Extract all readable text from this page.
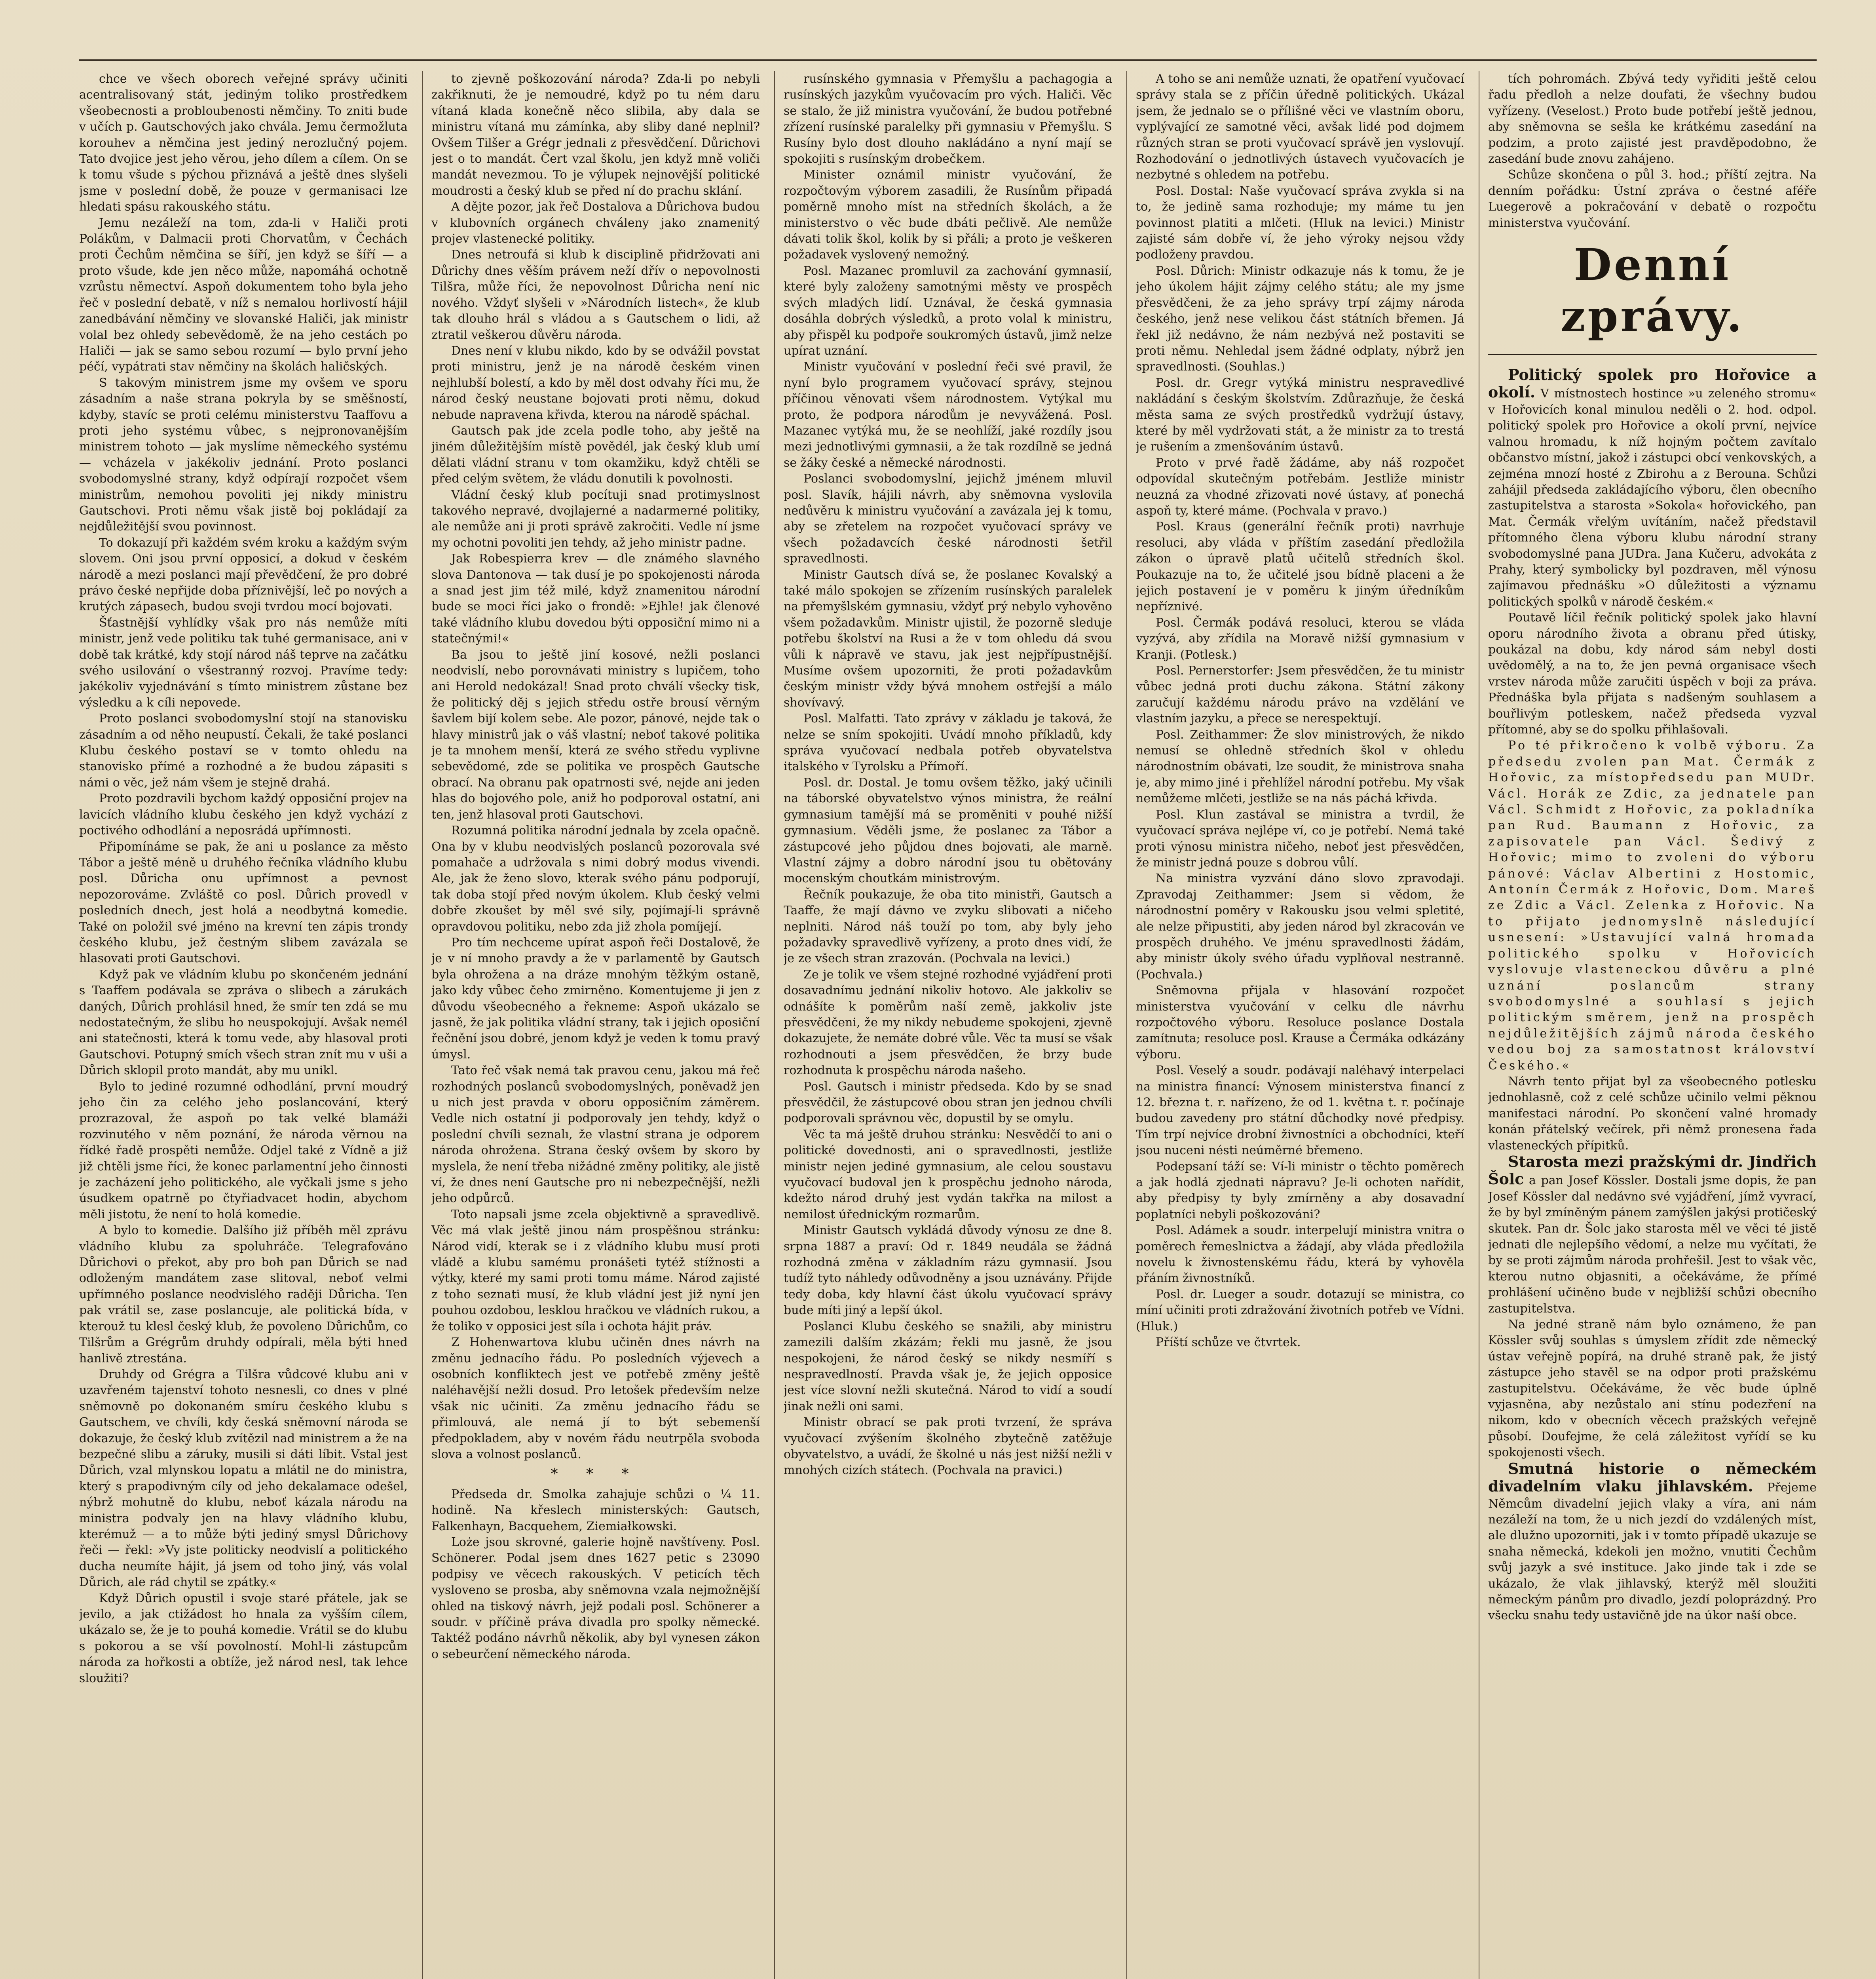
chce ve všech oborech veřejné správy učiniti acentralisovaný stát, jediným tolikо prostředkem všeobecnosti a probloubenosti němčiny. To zniti bude v učích p. Gautschových jako chvála. Jemu čermožluta korouhev a němčina jest jediný nerozlučný pojem. Tato dvojice jest jeho věrou, jeho dílem a cílem. On se k tomu všude s pýchou přiznává a ještě dnes slyšeli jsme v poslední době, že pouze v germanisaci lze hledati spásu rakouského státu.

Jemu nezáleží na tom, zda-li v Haliči proti Polákům, v Dalmacii proti Chorvatům, v Čechách proti Čechům němčina se šíří, jen když se šíří — a proto všude, kde jen něco může, napomáhá ochotně vzrůstu němectví. Aspoň dokumentem toho byla jeho řeč v poslední debatě, v níž s nemalou horlivostí hájil zanedbávání němčiny ve slovanské Haliči, jak ministr volal bez ohledy sebevědomě, že na jeho cestách po Haliči — jak se samo sebou rozumí — bylo první jeho péčí, vypátrati stav němčiny na školách haličských.

S takovým ministrem jsme my ovšem ve sporu zásadním a naše strana pokryla by se směšností, kdyby, stavíc se proti celému ministerstvu Taaffovu a proti jeho systému vůbec, s nejpronovanějším ministrem tohoto — jak myslíme německého systému — vcházela v jakékoliv jednání. Proto poslanci svobodomyslné strany, když odpírají rozpočet všem ministrům, nemohou povoliti jej nikdy ministru Gautschovi. Proti němu však jistě boj pokládají za nejdůležitější svou povinnost.

To dokazují při každém svém kroku a každým svým slovem. Oni jsou první opposicí, a dokud v českém národě a mezi poslanci mají převědčení, že pro dobré právo české nepřijde doba příznivější, leč po nových a krutých zápasech, budou svoji tvrdou mocí bojovati.

Šťastnější vyhlídky však pro nás nemůže míti ministr, jenž vede politiku tak tuhé germanisace, ani v době tak krátké, kdy stojí národ náš teprve na začátku svého usilování o všestranný rozvoj. Pravíme tedy: jakékoliv vyjednávání s tímto ministrem zůstane bez výsledku a k cíli nepovede.

Proto poslanci svobodomyslní stojí na stanovisku zásadním a od něho neupustí. Čekali, že také poslanci Klubu českého postaví se v tomto ohledu na stanovisko přímé a rozhodné a že budou zápasiti s námi o věc, jež nám všem je stejně drahá.

Proto pozdravili bychom každý opposiční projev na lavicích vládního klubu českého jen když vychází z poctivého odhodlání a neposrádá upřímnosti.

Připomínáme se pak, že ani u poslance za město Tábor a ještě méně u druhého řečníka vládního klubu posl. Důricha onu upřímnost a pevnost nepozorováme. Zvláště co posl. Důrich provedl v posledních dnech, jest holá a neodbytná komedie. Také on položil své jméno na krevní ten zápis trondy českého klubu, jež čestným slibem zavázala se hlasovati proti Gautschovi.

Když pak ve vládním klubu po skončeném jednání s Taaffem podávala se zpráva o slibech a zárukách daných, Důrich prohlásil hned, že smír ten zdá se mu nedostatečným, že slibu ho neuspokojují. Avšak nemél ani statečnosti, která k tomu vede, aby hlasoval proti Gautschovi. Potupný smích všech stran znít mu v uši a Důrich sklopil proto mandát, aby mu unikl.

Bylo to jediné rozumné odhodlání, první moudrý jeho čin za celého jeho poslancování, který prozrazoval, že aspoň po tak velké blamáži rozvinutého v něm poznání, že národa věrnou na řídké řadě prospěti nemůže. Odjel také z Vídně a již již chtěli jsme říci, že konec parlamentní jeho činnosti je zacházení jeho politického, ale vyčkali jsme s jeho úsudkem opatrně po čtyřiadvacet hodin, abychom měli jistotu, že není to holá komedie.

A bylo to komedie. Dalšího již příběh měl zprávu vládního klubu za spoluhráče. Telegrafováno Důrichovi o překot, aby pro boh pan Důrich se nad odloženým mandátem zase slitoval, neboť velmi upřímného poslance neodvisléhо raději Důrichа. Ten pak vrátil se, zase poslancuje, ale politická bída, v kterouž tu klesl český klub, že povoleno Důrichům, co Tilšrům a Grégrům druhdy odpírali, měla býti hned hanlivě ztrestána.

Druhdy od Grégra a Tilšra vůdcové klubu ani v uzavřeném tajenství tohoto nesnesli, co dnes v plné sněmovně po dokonaném smíru českého klubu s Gautschem, ve chvíli, kdy česká sněmovní národa se dokazuje, že český klub zvítězil nad ministrem a že na bezpečné slibu a záruky, musili si dáti líbit. Vstal jest Důrich, vzal mlynskou lopatu a mlátil ne do ministra, který s prapodivným cíly od jeho dekalamace odešel, nýbrž mohutně do klubu, neboť kázala národu na ministra podvaly jen na hlavy vládního klubu, kterémuž — a to může býti jediný smysl Důrichovy řeči — řekl: »Vy jste politicky neodvislí a politického ducha neumíte hájit, já jsem od toho jiný, vás volal Důrich, ale rád chytil se zpátky.«

Když Důrich opustil i svoje staré přátele, jak se jevilo, a jak ctižádost ho hnala za vyšším cílem, ukázalo se, že je to pouhá komedie. Vrátil se do klubu s pokorou a se vší povolností. Mohl-li zástupcům národa za hořkosti a obtíže, jež národ nesl, tak lehce sloužiti?

to zjevně poškozování národa? Zda-li po nebyli zakřiknuti, že je nemoudré, když po tu ném daru vítaná klada konečně něco slibila, aby dala se ministru vítaná mu zámínka, aby sliby dané neplnil? Ovšem Tilšer a Grégr jednali z přesvědčení. Důrichovi jest o to mandát. Čert vzal školu, jen když mně voliči mandát nevezmou. To je výlupek nejnovější politické moudrosti a český klub se před ní do prachu sklání.

A dějte pozor, jak řeč Dostalova a Důrichova budou v klubovních orgánech chváleny jako znamenitý projev vlastenecké politiky.

Dnes netroufá si klub k disciplině přidržovati ani Důrichy dnes věším právem neží dřív o nepovolnosti Tilšra, může říci, že nepovolnost Důricha není nic nového. Vždyť slyšeli v »Národních listech«, že klub tak dlouho hrál s vládou a s Gautschem o lidi, až ztratil veškerou důvěru národa.

Dnes není v klubu nikdo, kdo by se odvážil povstat proti ministru, jenž je na národě českém vinen nejhlubší bolestí, a kdo by měl dost odvahy říci mu, že národ český neustane bojovati proti němu, dokud nebude napravena křivda, kterou na národě spáchal.

Gautsch pak jde zcela podle toho, aby ještě na jiném důležitějším místě povědél, jak český klub umí dělati vládní stranu v tom okamžiku, když chtěli se před celým světem, že vládu donutili k povolnosti.

Vládní český klub pocítuji snad protimyslnost takového nepravé, dvojlajerné a nadarmerné politiky, ale nemůže ani ji proti správě zakročiti. Vedle ní jsme my ochotni povoliti jen tehdy, až jeho ministr padne.

Jak Robespierra krev — dle známého slavného slova Dantonova — tak dusí je po spokojenosti národa a snad jest jim též milé, když znamenitou národní bude se moci říci jako o frondě: »Ejhle! jak členové také vládního klubu dovedou býti opposiční mimo ni a statečnými!«

Ba jsou to ještě jiní kosové, nežli poslanci neodvislí, nebo porovnávati ministry s lupičem, toho ani Herold nedokázal! Snad proto chválí všecky tisk, že politický děj s jejich středu ostře brousí věrným šavlem bijí kolem sebe. Ale pozor, pánové, nejde tak o hlavy ministrů jak o váš vlastní; neboť takové politika je ta mnohem menší, která ze svého středu vyplivne sebevědomé, zde se politika ve prospěch Gautsche obrací. Na obranu pak opatrnosti své, nejde ani jeden hlas do bojového pole, aniž ho podporoval ostatní, ani ten, jenž hlasoval proti Gautschovi.

Rozumná politika národní jednala by zcela opačně. Ona by v klubu neodvislých poslanců pozorovala své pomahače a udržovala s nimi dobrý modus vivendi. Ale, jak že ženo slovo, kterak svého pánu podporují, tak doba stojí před novým úkolem. Klub český velmi dobře zkoušet by měl své sily, pojímají-li správně opravdovou politiku, nebo zda již zhola pomíjejí.

Pro tím nechceme upírat aspoň řeči Dostalově, že je v ní mnoho pravdy a že v parlamentě by Gautsch byla ohrožena a na dráze mnohým těžkým ostaně, jako kdy vůbec čeho zmirněno. Komentujeme ji jen z důvodu všeobecného a řekneme: Aspoň ukázalo se jasně, že jak politika vládní strany, tak i jejich oposiční řečnění jsou dobré, jenom když je veden k tomu pravý úmysl.

Tato řeč však nemá tak pravou cenu, jakou má řeč rozhodných poslanců svobodomyslných, poněvadž jen u nich jest pravda v oboru opposičním záměrem. Vedle nich ostatní ji podporovaly jen tehdy, když o poslední chvíli seznalı, že vlastní strana je odporem národa ohrožena. Strana český ovšem by skoro by myslela, že není třeba nižádné změny politiky, ale jistě ví, že dnes není Gautsche pro ni nebezpečnější, nežli jeho odpůrců.

Toto napsali jsme zcela objektivně a spravedlivě. Věc má vlak ještě jinou nám prospěšnou stránku: Národ vidí, kterak se i z vládního klubu musí proti vládě a klubu samému pronášeti tytéž stížnosti a výtky, které my sami proti tomu máme. Národ zajisté z toho seznati musí, že klub vládní jest již nyní jen pouhou ozdobou, lesklou hračkou ve vládních rukou, a že toliko v opposici jest síla i ochota hájit práv.

Z Hohenwartova klubu učiněn dnes návrh na změnu jednacího řádu. Po posledních výjevech a osobních konfliktech jest ve potřebě změny ještě naléhavější nežli dosud. Pro letošek především nelze však nic učiniti. Za změnu jednacího řádu se přimlouvá, ale nemá jí to být sebemenší předpokladem, aby v novém řádu neutrpěla svoboda slova a volnost poslanců.

* * *

Předseda dr. Smolka zahajuje schůzi o ¼ 11. hodině. Na křeslech ministerských: Gautsch, Falkenhayn, Bacquehem, Ziemiałkowski.

Loże jsou skrovné, galerie hojně navštíveny. Posl. Schönerer. Podal jsem dnes 1627 petic s 23090 podpisy ve věcech rakouských. V peticích těch vysloveno se prosba, aby sněmovna vzala nejmožnější ohled na tiskový návrh, jejž podali posl. Schönerer a soudr. v příčině práva divadla pro spolky německé. Taktéž podáno návrhů několik, aby byl vynesen zákon o sebeurčení německého národa.

rusínského gymnasia v Přemyšlu a pachagogia a rusínských jazykům vyučovacím pro vých. Haliči. Věc se stalo, že již ministra vyučování, že budou potřebné zřízení rusínské paralelky při gymnasiu v Přemyšlu. S Rusíny bylo dost dlouho nakládáno a nyní mají se spokojiti s rusínským drobečkem.

Minister oznámil ministr vyučování, že rozpočtovým výborem zasadili, že Rusínům připadá poměrně mnoho míst na středních školách, a že ministerstvo o věc bude dbáti pečlivě. Ale nemůže dávati tolik škol, kolik by si přáli; a proto je veškeren požadavek vyslovený nemožný.

Posl. Mazanec promluvil za zachování gymnasií, které byly založeny samotnými městy ve prospěch svých mladých lidí. Uznával, že česká gymnasia dosáhla dobrých výsledků, a proto volal k ministru, aby přispěl ku podpoře soukromých ústavů, jimž nelze upírat uznání.

Ministr vyučování v poslední řeči své pravil, že nyní bylo programem vyučovací správy, stejnou příčinou věnovati všem národnostem. Vytýkal mu proto, že podpora národům je nevyvážená. Posl. Mazanec vytýká mu, že se neohlíží, jaké rozdíly jsou mezi jednotlivými gymnasii, a že tak rozdílně se jedná se žáky české a německé národnosti.

Poslanci svobodomyslní, jejichž jménem mluvil posl. Slavík, hájili návrh, aby sněmovna vyslovila nedůvěru k ministru vyučování a zavázala jej k tomu, aby se zřetelem na rozpočet vyučovací správy ve všech požadavcích české národnosti šetřil spravedlnosti.

Ministr Gautsch dívá se, že poslanec Kovalský a také málo spokojen se zřízením rusínských paralelek na přemyšlském gymnasiu, vždyť prý nebylo vyhověno všem požadavkům. Ministr ujistil, že pozorně sleduje potřebu školství na Rusi a že v tom ohledu dá svou vůli k nápravě ve stavu, jak jest nejpřípustnější. Musíme ovšem upozorniti, že proti požadavkům českým ministr vždy bývá mnohem ostřejší a málo shovívavý.

Posl. Malfatti. Tato zprávy v základu je taková, že nelze se sním spokojiti. Uvádí mnoho příkladů, kdy správa vyučovací nedbala potřeb obyvatelstva italského v Tyrolsku a Přímoří.

Posl. dr. Dostal. Je tomu ovšem těžko, jaký učinili na táborské obyvatelstvo výnos ministra, že reální gymnasium tamější má se proměniti v pouhé nižší gymnasium. Věděli jsme, že poslanec za Tábor a zástupcové jeho půjdou dnes bojovati, ale marně. Vlastní zájmy a dobro národní jsou tu obětovány mocenským choutkám ministrovým.

Řečník poukazuje, že oba tito ministři, Gautsch a Taaffe, že mají dávno ve zvyku slibovati a ničeho neplniti. Národ náš touží po tom, aby byly jeho požadavky spravedlivě vyřízeny, a proto dnes vidí, že je ze všech stran zrazován. (Pochvala na levici.)

Ze je tolik ve všem stejné rozhodné vyjádření proti dosavadnímu jednání nikoliv hotovo. Ale jakkoliv se odnášíte k poměrům naší země, jakkoliv jste přesvědčeni, že my nikdy nebudeme spokojeni, zjevně dokazujete, že nemáte dobré vůle. Věc ta musí se však rozhodnouti a jsem přesvědčen, že brzy bude rozhodnuta k prospěchu národa našeho.

Posl. Gautsch i ministr předseda. Kdo by se snad přesvědčil, že zástupcové obou stran jen jednou chvíli podporovali správnou věc, dopustil by se omylu.

Věc ta má ještě druhou stránku: Nesvědčí to ani o politické dovednosti, ani o spravedlnosti, jestliže ministr nejen jediné gymnasium, ale celou soustavu vyučovací budoval jen k prospěchu jednoho národa, kdežto národ druhý jest vydán takřka na milost a nemilost úřednickým rozmarům.

Ministr Gautsch vykládá důvody výnosu ze dne 8. srpna 1887 a praví: Od r. 1849 neudála se žádná rozhodná změna v základním rázu gymnasií. Jsou tudíž tyto náhledy odůvodněny a jsou uznávány. Přijde tedy doba, kdy hlavní část úkolu vyučovací správy bude míti jiný a lepší úkol.

Poslanci Klubu českého se snažili, aby ministru zamezili dalším zkázám; řekli mu jasně, že jsou nespokojeni, že národ český se nikdy nesmíří s nespravedlností. Pravda však je, že jejich opposice jest více slovní nežli skutečná. Národ to vidí a soudí jinak nežli oni sami.

Ministr obrací se pak proti tvrzení, že správa vyučovací zvýšením školného zbytečně zatěžuje obyvatelstvo, a uvádí, že školné u nás jest nižší nežli v mnohých cizích státech. (Pochvala na pravici.)

A toho se ani nemůže uznati, že opatření vyučovací správy stala se z příčin úředně politických. Ukázal jsem, že jednalo se o přílišné věci ve vlastním oboru, vyplývající ze samotné věci, avšak lidé pod dojmem různých stran se proti vyučovací správě jen vyslovují. Rozhodování o jednotlivých ústavech vyučovacích je nezbytné s ohledem na potřebu.

Posl. Dostal: Naše vyučovací správa zvykla si na to, že jedině sama rozhoduje; my máme tu jen povinnost platiti a mlčeti. (Hluk na levici.) Ministr zajisté sám dobře ví, že jeho výroky nejsou vždy podloženy pravdou.

Posl. Důrich: Ministr odkazuje nás k tomu, že je jeho úkolem hájit zájmy celého státu; ale my jsme přesvědčeni, že za jeho správy trpí zájmy národa českého, jenž nese velikou část státních břemen. Já řekl již nedávno, že nám nezbývá než postaviti se proti němu. Nehledal jsem žádné odplaty, nýbrž jen spravedlnosti. (Souhlas.)

Posl. dr. Gregr vytýká ministru nespravedlivé nakládání s českým školstvím. Zdůrazňuje, že česká města sama ze svých prostředků vydržují ústavy, které by měl vydržovati stát, a že ministr za to trestá je rušením a zmenšováním ústavů.

Proto v prvé řadě žádáme, aby náš rozpočet odpovídal skutečným potřebám. Jestliže ministr neuzná za vhodné zřizovati nové ústavy, ať ponechá aspoň ty, které máme. (Pochvala v pravo.)

Posl. Kraus (generální řečník proti) navrhuje resoluci, aby vláda v příštím zasedání předložila zákon o úpravě platů učitelů středních škol. Poukazuje na to, že učitelé jsou bídně placeni a že jejich postavení je v poměru k jiným úředníkům nepříznivé.

Posl. Čermák podává resoluci, kterou se vláda vyzývá, aby zřídila na Moravě nižší gymnasium v Kranji. (Potlesk.)

Posl. Pernerstorfer: Jsem přesvědčen, že tu ministr vůbec jedná proti duchu zákona. Státní zákony zaručují každému národu právo na vzdělání ve vlastním jazyku, a přece se nerespektují.

Posl. Zeithammer: Že slov ministrových, že nikdo nemusí se ohledně středních škol v ohledu národnostním obávati, lze soudit, že ministrova snaha je, aby mimo jiné i přehlížel národní potřebu. My však nemůžeme mlčeti, jestliže se na nás páchá křivda.

Posl. Klun zastával se ministra a tvrdil, že vyučovací správa nejlépe ví, co je potřebí. Nemá také proti výnosu ministra ničeho, neboť jest přesvědčen, že ministr jedná pouze s dobrou vůlí.

Na ministra vyzvání dáno slovo zpravodaji. Zpravodaj Zeithammer: Jsem si vědom, že národnostní poměry v Rakousku jsou velmi spletité, ale nelze připustiti, aby jeden národ byl zkracován ve prospěch druhého. Ve jménu spravedlnosti žádám, aby ministr úkoly svého úřadu vyplňoval nestranně. (Pochvala.)

Sněmovna přijala v hlasování rozpočet ministerstva vyučování v celku dle návrhu rozpočtového výboru. Resoluce poslance Dostala zamítnuta; resoluce posl. Krause a Čermáka odkázány výboru.

Posl. Veselý a soudr. podávají naléhavý interpelaci na ministra financí: Výnosem ministerstva financí z 12. března t. r. nařízeno, že od 1. května t. r. počínaje budou zavedeny pro státní důchodky nové předpisy. Tím trpí nejvíce drobní živnostníci a obchodníci, kteří jsou nuceni nésti neúměrné břemeno.

Podepsaní táží se: Ví-li ministr o těchto poměrech a jak hodlá zjednati nápravu? Je-li ochoten nařídit, aby předpisy ty byly zmírněny a aby dosavadní poplatníci nebyli poškozováni?

Posl. Adámek a soudr. interpelují ministra vnitra o poměrech řemeslnictva a žádají, aby vláda předložila novelu k živnostenskému řádu, která by vyhověla přáním živnostníků.

Posl. dr. Lueger a soudr. dotazují se ministra, co míní učiniti proti zdražování životních potřeb ve Vídni. (Hluk.)

Příští schůze ve čtvrtek.

tích pohromách. Zbývá tedy vyřiditi ještě celou řadu předloh a nelze doufati, že všechny budou vyřízeny. (Veselost.) Proto bude potřebí ještě jednou, aby sněmovna se sešla ke krátkému zasedání na podzim, a proto zajisté jest pravděpodobno, že zasedání bude znovu zahájeno.

Schůze skončena o půl 3. hod.; příští zejtra. Na denním pořádku: Ústní zpráva o čestné aféře Luegerově a pokračování v debatě o rozpočtu ministerstva vyučování.

Denní zprávy.

Politický spolek pro Hořovice a okolí. V místnostech hostince »u zeleného stromu« v Hořovicích konal minulou neděli o 2. hod. odpol. politický spolek pro Hořovice a okolí první, nejvíce valnou hromadu, k níž hojným počtem zavítalo občanstvo místní, jakož i zástupci obcí venkovských, a zejména mnozí hosté z Zbirohu a z Berouna. Schůzi zahájil předseda zakládajícího výboru, člen obecního zastupitelstva a starosta »Sokola« hořovického, pan Mat. Čermák vřelým uvítáním, načež představil přítomného člena výboru klubu národní strany svobodomyslné pana JUDra. Jana Kučeru, advokáta z Prahy, který symbolicky byl pozdraven, měl výnosu zajímavou přednášku »O důležitosti a významu politických spolků v národě českém.«

Poutavě líčil řečník politický spolek jako hlavní oporu národního života a obranu před útisky, poukázal na dobu, kdy národ sám nebyl dosti uvědomělý, a na to, že jen pevná organisace všech vrstev národa může zaručiti úspěch v boji za práva. Přednáška byla přijata s nadšeným souhlasem a bouřlivým potleskem, načež předseda vyzval přítomné, aby se do spolku přihlašovali.

Po té přikročeno k volbě výboru. Za předsedu zvolen pan Mat. Čermák z Hořovic, za místopředsedu pan MUDr. Václ. Horák ze Zdic, za jednatele pan Václ. Schmidt z Hořovic, za pokladníka pan Rud. Baumann z Hořovic, za zapisovatele pan Václ. Šedivý z Hořovic; mimo to zvoleni do výboru pánové: Václav Albertini z Hostomic, Antonín Čermák z Hořovic, Dom. Mareš ze Zdic a Václ. Zelenka z Hořovic. Na to přijato jednomyslně následující usnesení: »Ustavující valná hromada politického spolku v Hořovicích vyslovuje vlasteneckou důvěru a plné uznání poslancům strany svobodomyslné a souhlasí s jejich politickým směrem, jenž na prospěch nejdůležitějších zájmů národa českého vedou boj za samostatnost království Českého.«

Návrh tento přijat byl za všeobecného potlesku jednohlasně, což z celé schůze učinilo velmi pěknou manifestaci národní. Po skončení valné hromady konán přátelský večírek, při němž pronesena řada vlasteneckých přípitků.

Starosta mezi pražskými dr. Jindřich Šolc a pan Josef Kössler. Dostali jsme dopis, že pan Josef Kössler dal nedávno své vyjádření, jímž vyvrací, že by byl zmíněným pánem zamýšlen jakýsi protičeský skutek. Pan dr. Šolc jako starosta měl ve věci té jistě jednati dle nejlepšího vědomí, a nelze mu vyčítati, že by se proti zájmům národa prohřešil. Jest to však věc, kterou nutno objasniti, a očekáváme, že přímé prohlášení učiněno bude v nejbližší schůzi obecního zastupitelstva.

Na jedné straně nám bylo oznámeno, že pan Kössler svůj souhlas s úmyslem zřídit zde německý ústav veřejně popírá, na druhé straně pak, že jistý zástupce jeho stavěl se na odpor proti pražskému zastupitelstvu. Očekáváme, že věc bude úplně vyjasněna, aby nezůstalo ani stínu podezření na nikom, kdo v obecních věcech pražských veřejně působí. Doufejme, že celá záležitost vyřídí se ku spokojenosti všech.

Smutná historie o německém divadelním vlaku jihlavském. Přejeme Němcům divadelní jejich vlaky a víra, ani nám nezáleží na tom, že u nich jezdí do vzdálených míst, ale dlužno upozorniti, jak i v tomto případě ukazuje se snaha německá, kdekoli jen možno, vnutiti Čechům svůj jazyk a své instituce. Jako jinde tak i zde se ukázalo, že vlak jihlavský, kterýž měl sloužiti německým pánům pro divadlo, jezdí poloprázdný. Pro všecku snahu tedy ustavičně jde na úkor naší obce.
